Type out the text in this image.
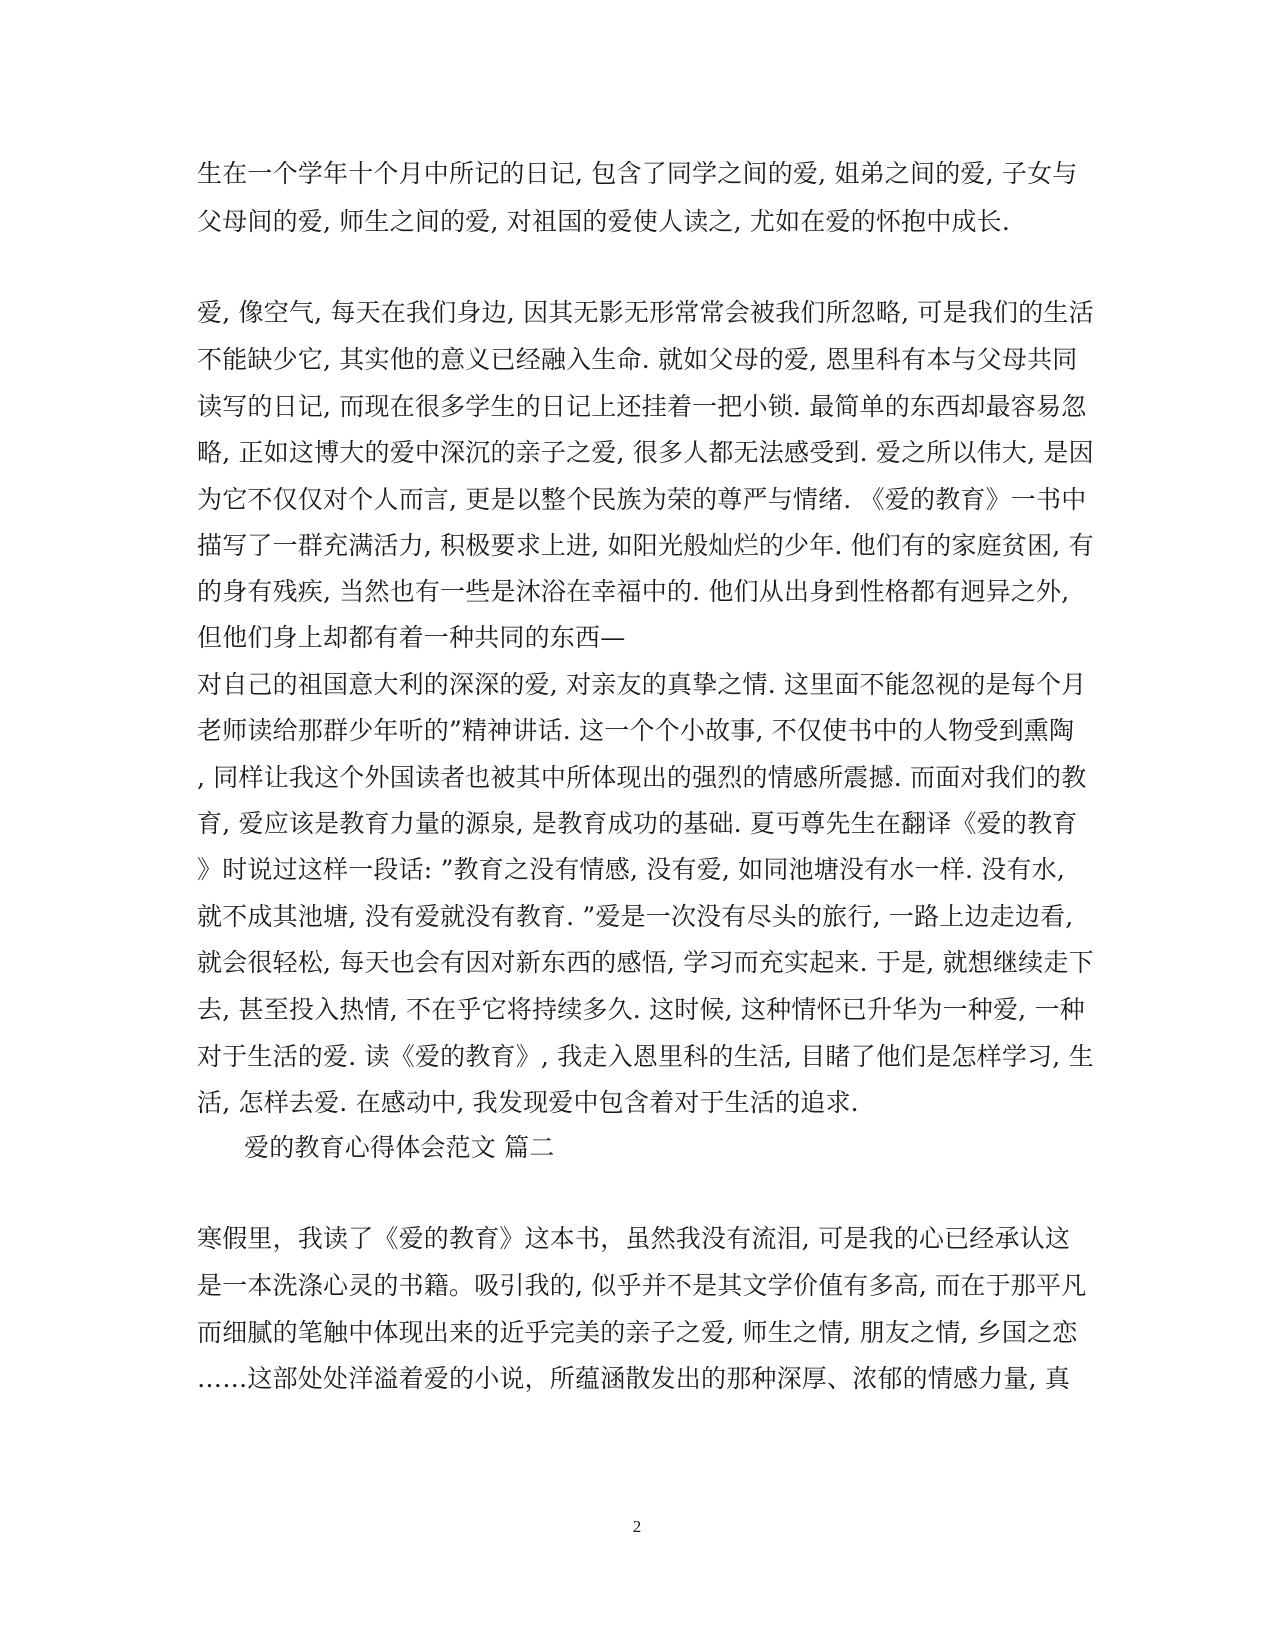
生在一个学年十个月中所记的日记, 包含了同学之间的爱, 姐弟之间的爱, 子女与
父母间的爱, 师生之间的爱, 对祖国的爱使人读之, 尤如在爱的怀抱中成长.
爱, 像空气, 每天在我们身边, 因其无影无形常常会被我们所忽略, 可是我们的生活
不能缺少它, 其实他的意义已经融入生命. 就如父母的爱, 恩里科有本与父母共同
读写的日记, 而现在很多学生的日记上还挂着一把小锁. 最简单的东西却最容易忽
略, 正如这博大的爱中深沉的亲子之爱, 很多人都无法感受到. 爱之所以伟大, 是因
为它不仅仅对个人而言, 更是以整个民族为荣的尊严与情绪. 《爱的教育》一书中
描写了一群充满活力, 积极要求上进, 如阳光般灿烂的少年. 他们有的家庭贫困, 有
的身有残疾, 当然也有一些是沐浴在幸福中的. 他们从出身到性格都有迥异之外,
但他们身上却都有着一种共同的东西—
对自己的祖国意大利的深深的爱, 对亲友的真挚之情. 这里面不能忽视的是每个月
老师读给那群少年听的”精神讲话. 这一个个小故事, 不仅使书中的人物受到熏陶
, 同样让我这个外国读者也被其中所体现出的强烈的情感所震撼. 而面对我们的教
育, 爱应该是教育力量的源泉, 是教育成功的基础. 夏丏尊先生在翻译《爱的教育
》时说过这样一段话: ”教育之没有情感, 没有爱, 如同池塘没有水一样. 没有水,
就不成其池塘, 没有爱就没有教育. ”爱是一次没有尽头的旅行, 一路上边走边看,
就会很轻松, 每天也会有因对新东西的感悟, 学习而充实起来. 于是, 就想继续走下
去, 甚至投入热情, 不在乎它将持续多久. 这时候, 这种情怀已升华为一种爱, 一种
对于生活的爱. 读《爱的教育》, 我走入恩里科的生活, 目睹了他们是怎样学习, 生
活, 怎样去爱. 在感动中, 我发现爱中包含着对于生活的追求.
爱的教育心得体会范文 篇二
寒假里，我读了《爱的教育》这本书，虽然我没有流泪, 可是我的心已经承认这
是一本洗涤心灵的书籍。吸引我的, 似乎并不是其文学价值有多高, 而在于那平凡
而细腻的笔触中体现出来的近乎完美的亲子之爱, 师生之情, 朋友之情, 乡国之恋
……这部处处洋溢着爱的小说，所蕴涵散发出的那种深厚、浓郁的情感力量, 真
2
